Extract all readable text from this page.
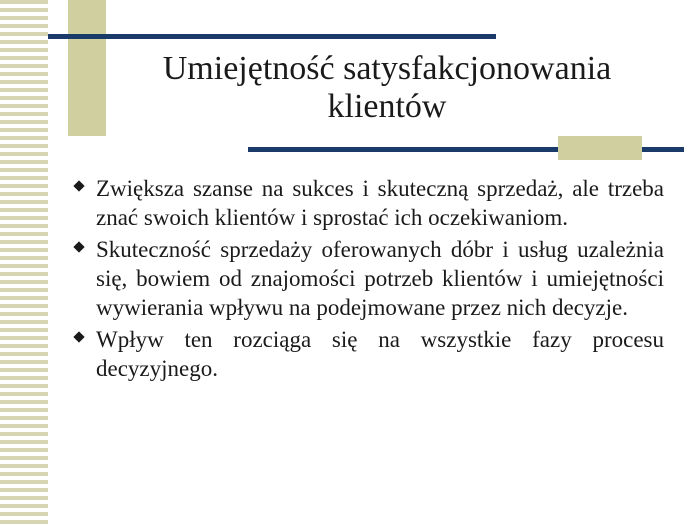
Umiejętność satysfakcjonowania klientów
Zwiększa szanse na sukces i skuteczną sprzedaż, ale trzeba znać swoich klientów i sprostać ich oczekiwaniom.
Skuteczność sprzedaży oferowanych dóbr i usług uzależnia się, bowiem od znajomości potrzeb klientów i umiejętności wywierania wpływu na podejmowane przez nich decyzje.
Wpływ ten rozciąga się na wszystkie fazy procesu decyzyjnego.
